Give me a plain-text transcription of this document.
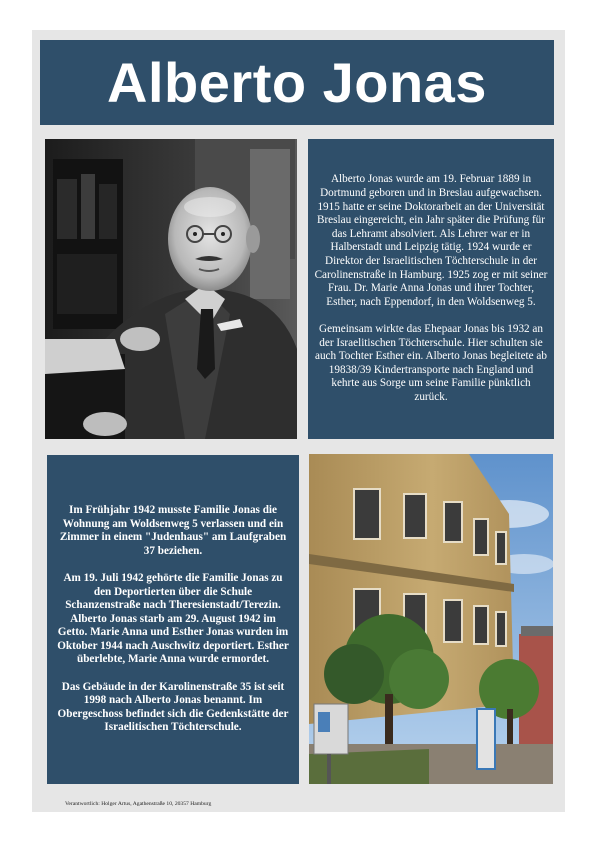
Alberto Jonas

Alberto Jonas wurde am 19. Februar 1889 in Dortmund geboren und in Breslau aufgewachsen. 1915 hatte er seine Doktorarbeit an der Universität Breslau eingereicht, ein Jahr später die Prüfung für das Lehramt absolviert. Als Lehrer war er in Halberstadt und Leipzig tätig. 1924 wurde er Direktor der Israelitischen Töchterschule in der Carolinenstraße in Hamburg. 1925 zog er mit seiner Frau. Dr. Marie Anna Jonas und ihrer Tochter, Esther, nach Eppendorf, in den Woldsenweg 5.

Gemeinsam wirkte das Ehepaar Jonas bis 1932 an der Israelitischen Töchterschule. Hier schulten sie auch Tochter Esther ein. Alberto Jonas begleitete ab 19838/39 Kindertransporte nach England und kehrte aus Sorge um seine Familie pünktlich zurück.

Im Frühjahr 1942 musste Familie Jonas die Wohnung am Woldsenweg 5 verlassen und ein Zimmer in einem "Judenhaus" am Laufgraben 37 beziehen.

Am 19. Juli 1942 gehörte die Familie Jonas zu den Deportierten über die Schule Schanzenstraße nach Theresienstadt/Terezin. Alberto Jonas starb am 29. August 1942 im Getto. Marie Anna und Esther Jonas wurden im Oktober 1944 nach Auschwitz deportiert. Esther überlebte, Marie Anna wurde ermordet.

Das Gebäude in der Karolinenstraße 35 ist seit 1998 nach Alberto Jonas benannt. Im Obergeschoss befindet sich die Gedenkstätte der Israelitischen Töchterschule.

Verantwortlich: Holger Artus, Agathenstraße 10, 20357 Hamburg
